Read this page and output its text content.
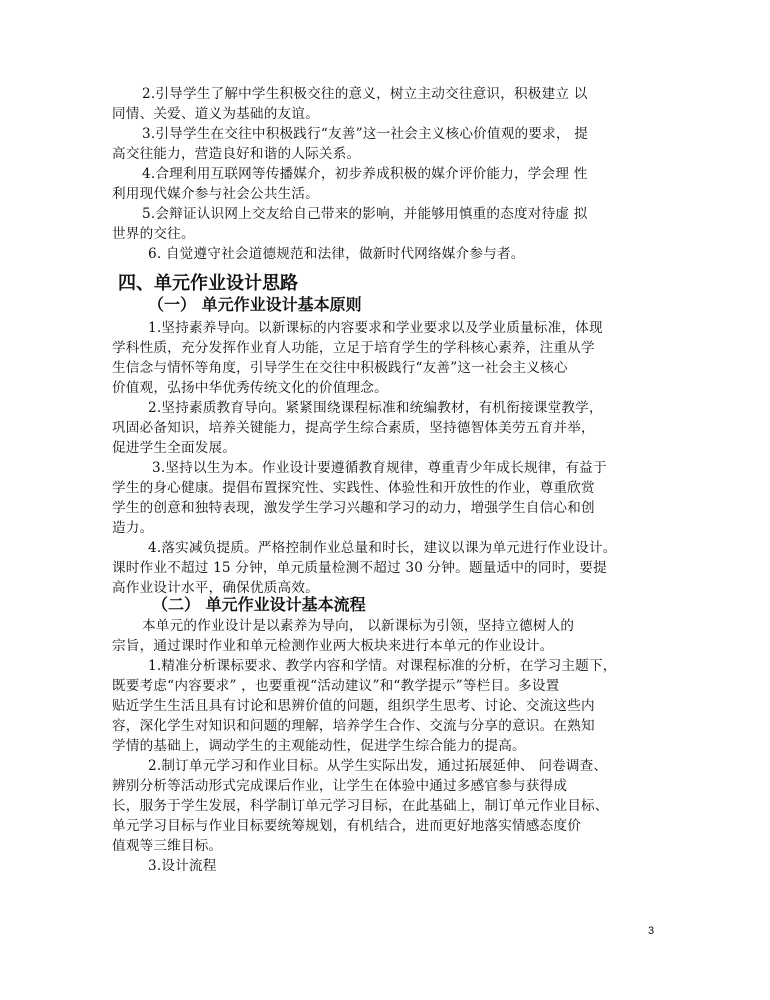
2.引导学生了解中学生积极交往的意义，树立主动交往意识，积极建立 以
同情、关爱、道义为基础的友谊。
3.引导学生在交往中积极践行“友善”这一社会主义核心价值观的要求， 提
高交往能力，营造良好和谐的人际关系。
4.合理利用互联网等传播媒介，初步养成积极的媒介评价能力，学会理 性
利用现代媒介参与社会公共生活。
5.会辩证认识网上交友给自己带来的影响，并能够用慎重的态度对待虚 拟
世界的交往。
6. 自觉遵守社会道德规范和法律，做新时代网络媒介参与者。
四、单元作业设计思路
（一） 单元作业设计基本原则
1.坚持素养导向。以新课标的内容要求和学业要求以及学业质量标准，体现
学科性质，充分发挥作业育人功能，立足于培育学生的学科核心素养，注重从学
生信念与情怀等角度，引导学生在交往中积极践行“友善”这一社会主义核心
价值观，弘扬中华优秀传统文化的价值理念。
2.坚持素质教育导向。紧紧围绕课程标准和统编教材，有机衔接课堂教学，
巩固必备知识，培养关键能力，提高学生综合素质，坚持德智体美劳五育并举，
促进学生全面发展。
3.坚持以生为本。作业设计要遵循教育规律，尊重青少年成长规律，有益于
学生的身心健康。提倡布置探究性、实践性、体验性和开放性的作业，尊重欣赏
学生的创意和独特表现，激发学生学习兴趣和学习的动力，增强学生自信心和创
造力。
4.落实减负提质。严格控制作业总量和时长，建议以课为单元进行作业设计。
课时作业不超过 15 分钟，单元质量检测不超过 30 分钟。题量适中的同时，要提
高作业设计水平，确保优质高效。
（二） 单元作业设计基本流程
本单元的作业设计是以素养为导向， 以新课标为引领，坚持立德树人的
宗旨，通过课时作业和单元检测作业两大板块来进行本单元的作业设计。
1.精准分析课标要求、教学内容和学情。对课程标准的分析，在学习主题下，
既要考虑“内容要求” ，也要重视“活动建议”和“教学提示”等栏目。多设置
贴近学生生活且具有讨论和思辨价值的问题，组织学生思考、讨论、交流这些内
容，深化学生对知识和问题的理解，培养学生合作、交流与分享的意识。在熟知
学情的基础上，调动学生的主观能动性，促进学生综合能力的提高。
2.制订单元学习和作业目标。从学生实际出发，通过拓展延伸、 问卷调查、
辨别分析等活动形式完成课后作业，让学生在体验中通过多感官参与获得成
长，服务于学生发展，科学制订单元学习目标，在此基础上，制订单元作业目标、
单元学习目标与作业目标要统筹规划，有机结合，进而更好地落实情感态度价
值观等三维目标。
3.设计流程
3
